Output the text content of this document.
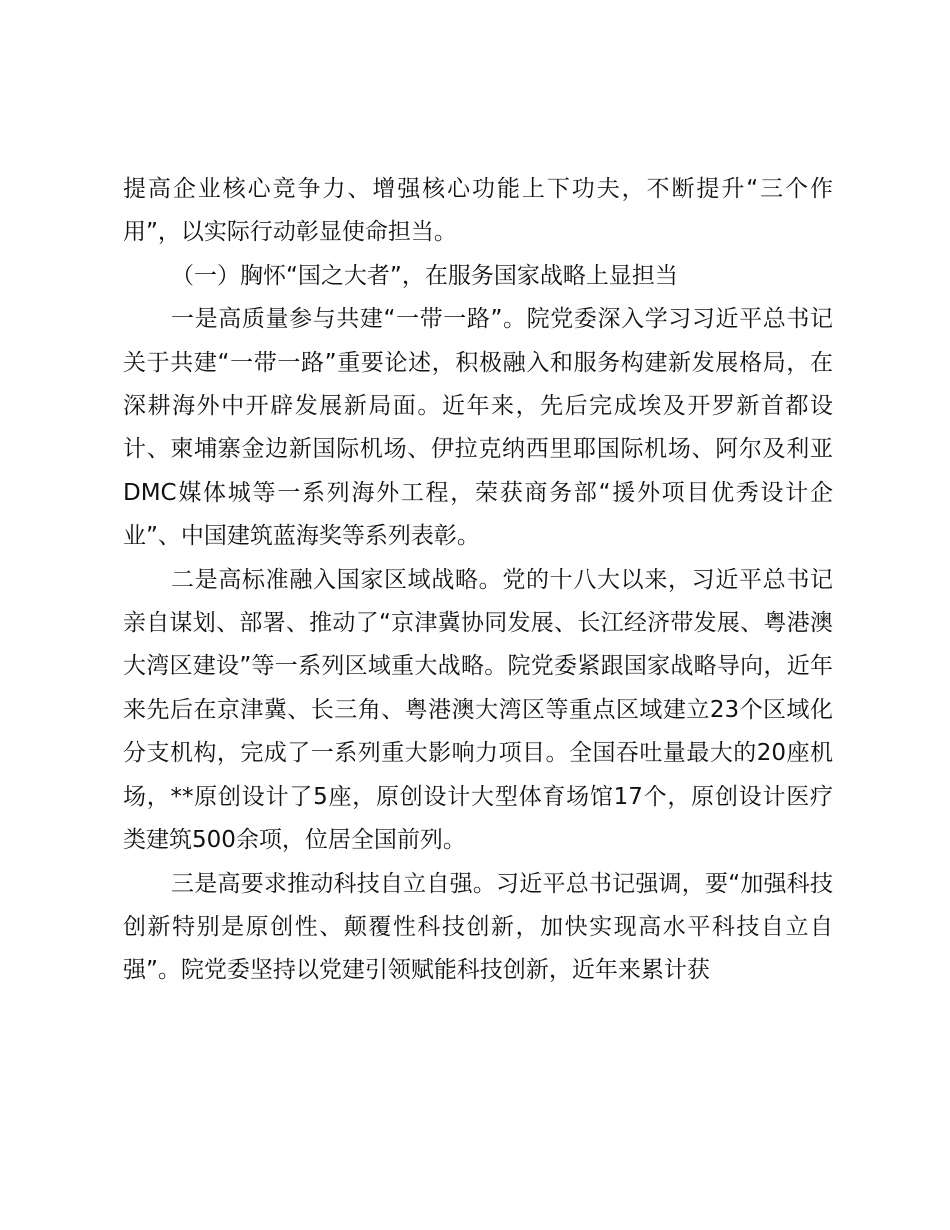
提高企业核心竞争力、增强核心功能上下功夫，不断提升“三个作用”，以实际行动彰显使命担当。

（一）胸怀“国之大者”，在服务国家战略上显担当

一是高质量参与共建“一带一路”。院党委深入学习习近平总书记关于共建“一带一路”重要论述，积极融入和服务构建新发展格局，在深耕海外中开辟发展新局面。近年来，先后完成埃及开罗新首都设计、柬埔寨金边新国际机场、伊拉克纳西里耶国际机场、阿尔及利亚DMC媒体城等一系列海外工程，荣获商务部“援外项目优秀设计企业”、中国建筑蓝海奖等系列表彰。

二是高标准融入国家区域战略。党的十八大以来，习近平总书记亲自谋划、部署、推动了“京津冀协同发展、长江经济带发展、粤港澳大湾区建设”等一系列区域重大战略。院党委紧跟国家战略导向，近年来先后在京津冀、长三角、粤港澳大湾区等重点区域建立23个区域化分支机构，完成了一系列重大影响力项目。全国吞吐量最大的20座机场，**原创设计了5座，原创设计大型体育场馆17个，原创设计医疗类建筑500余项，位居全国前列。

三是高要求推动科技自立自强。习近平总书记强调，要“加强科技创新特别是原创性、颠覆性科技创新，加快实现高水平科技自立自强”。院党委坚持以党建引领赋能科技创新，近年来累计获
